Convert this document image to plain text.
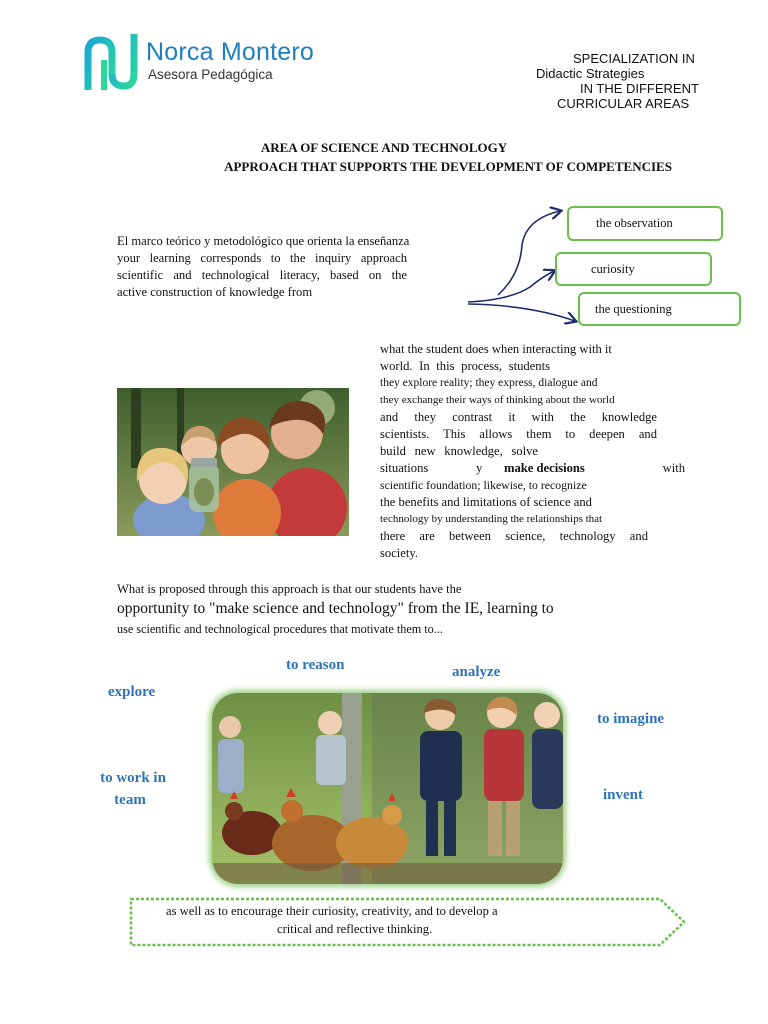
Norca Montero
Asesora Pedagógica
SPECIALIZATION IN
Didactic Strategies
IN THE DIFFERENT
CURRICULAR AREAS
AREA OF SCIENCE AND TECHNOLOGY
APPROACH THAT SUPPORTS THE DEVELOPMENT OF COMPETENCIES
El marco teórico y metodológico que orienta la enseñanza
your learning corresponds to the inquiry approach
scientific and technological literacy, based on the
active construction of knowledge from
the observation
curiosity
the questioning
what the student does when interacting with it
world. In this process, students
they explore reality; they express, dialogue and
they exchange their ways of thinking about the world
and they contrast it with the knowledge
scientists. This allows them to deepen and
build new knowledge, solve
situations	y make decisions	with
scientific foundation; likewise, to recognize
the benefits and limitations of science and
technology by understanding the relationships that
there are between science, technology and
society.
What is proposed through this approach is that our students have the
opportunity to "make science and technology" from the IE, learning to
use scientific and technological procedures that motivate them to...
to reason	analyze
explore
to imagine
to work in
team	invent
as well as to encourage their curiosity, creativity, and to develop a
critical and reflective thinking.
